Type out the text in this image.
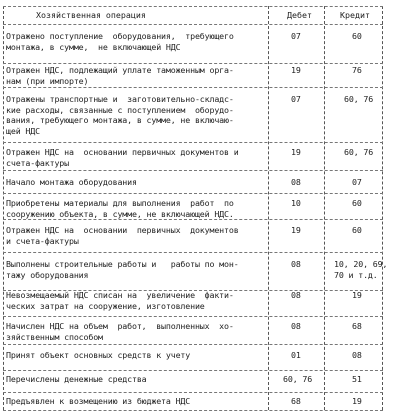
Хозяйственная операция	Дебет	Кредит
Отражено поступление  оборудования,  требующего
монтажа, в сумме,  не включающей НДС
07	60
Отражен НДС, подлежащий уплате таможенным орга-
нам (при импорте)
19	76
Отражены транспортные и  заготовительно-складс-
кие расходы, связанные с поступлением  оборудо-
вания, требующего монтажа, в сумме, не включаю-
щей НДС
07	60, 76
Отражен НДС на  основании первичных документов и
счета-фактуры
19	60, 76
Начало монтажа оборудования	08	07
Приобретены материалы для выполнения  работ  по
сооружению объекта, в сумме, не включающей НДС.
10	60
Отражен НДС на  основании  первичных  документов
и счета-фактуры
19	60
Выполнены строительные работы и   работы по мон-
тажу оборудования
08	10, 20, 69,
70 и т.д.
Невозмещаемый НДС списан на  увеличение  факти-
ческих затрат на сооружение, изготовление
08	19
Начислен НДС на объем  работ,  выполненных  хо-
зяйственным способом
08	68
Принят объект основных средств к учету	01	08
Перечислены денежные средства	60, 76	51
Предъявлен к возмещению из бюджета НДС	68	19
